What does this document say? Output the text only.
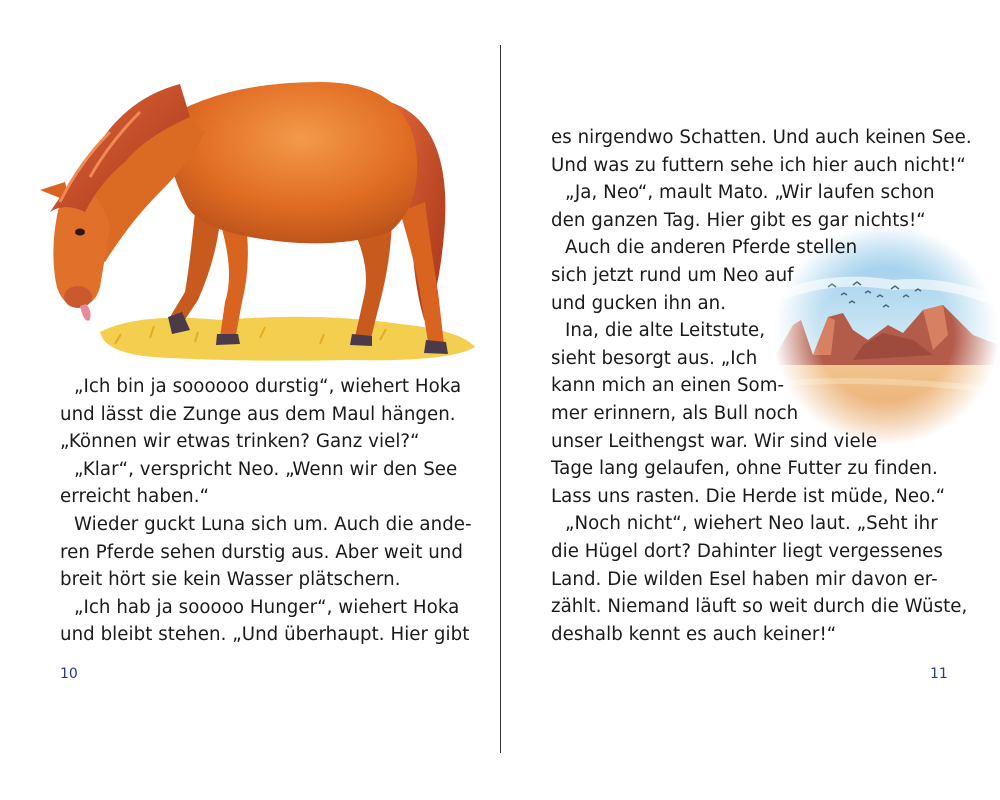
„Ich bin ja soooooo durstig“, wiehert Hoka
und lässt die Zunge aus dem Maul hängen.
„Können wir etwas trinken? Ganz viel?“
„Klar“, verspricht Neo. „Wenn wir den See
erreicht haben.“
Wieder guckt Luna sich um. Auch die ande-
ren Pferde sehen durstig aus. Aber weit und
breit hört sie kein Wasser plätschern.
„Ich hab ja sooooo Hunger“, wiehert Hoka
und bleibt stehen. „Und überhaupt. Hier gibt
10
es nirgendwo Schatten. Und auch keinen See.
Und was zu futtern sehe ich hier auch nicht!“
„Ja, Neo“, mault Mato. „Wir laufen schon
den ganzen Tag. Hier gibt es gar nichts!“
Auch die anderen Pferde stellen
sich jetzt rund um Neo auf
und gucken ihn an.
Ina, die alte Leitstute,
sieht besorgt aus. „Ich
kann mich an einen Som-
mer erinnern, als Bull noch
unser Leithengst war. Wir sind viele
Tage lang gelaufen, ohne Futter zu finden.
Lass uns rasten. Die Herde ist müde, Neo.“
„Noch nicht“, wiehert Neo laut. „Seht ihr
die Hügel dort? Dahinter liegt vergessenes
Land. Die wilden Esel haben mir davon er-
zählt. Niemand läuft so weit durch die Wüste,
deshalb kennt es auch keiner!“
11
